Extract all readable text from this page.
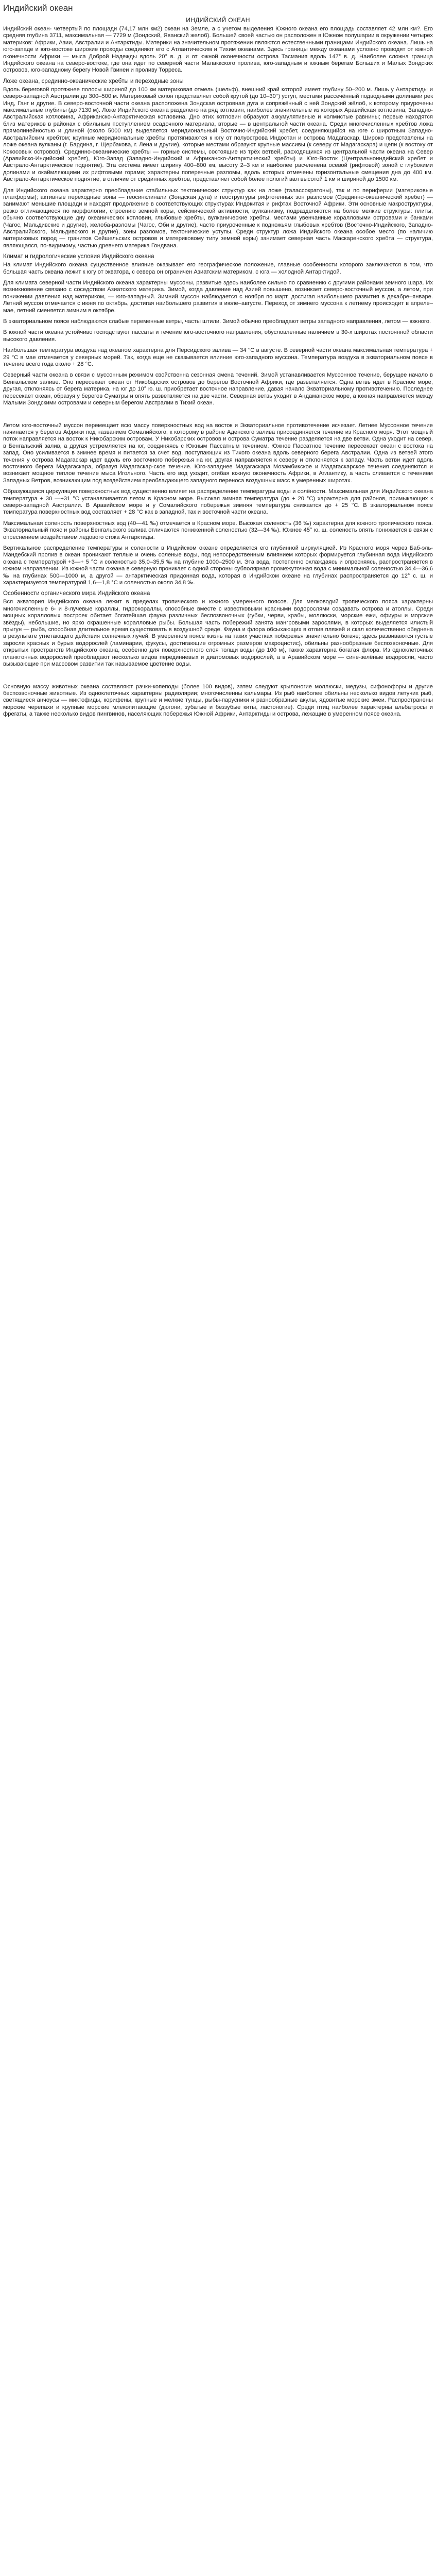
Индийский океан
ИНДИЙСКИЙ ОКЕАН

Индийский океан- четвертый по площади (74,17 млн км2) океан на Земле, а с учетом выделения Южного океана его площадь составляет 42 млн км?. Его средняя глубина 3711, максимальная — 7729 м (Зондский, Яванский желоб). Большей своей частью он расположен в Южном полушарии в окружении четырех материков: Африки, Азии, Австралии и Антарктиды. Материки на значительном протяжении являются естественными границами Индийского океана. Лишь на юго-западе и юго-востоке широкие проходы соединяют его с Атлантическим и Тихим океанами. Здесь границы между океанами условно проводят от южной оконечности Африки — мыса Доброй Надежды вдоль 20° в. д. и от южной оконечности острова Тасмания вдоль 147° в. д. Наиболее сложна граница Индийского океана на северо-востоке, где она идет по северной части Малаккского пролива, юго-западным и южным берегам Больших и Малых Зондских островов, юго-западному берегу Новой Гвинеи и проливу Торреса.

Ложе океана, срединно-океанические хребты и переходные зоны

Вдоль береговой протяжнее полосы шириной до 100 км материковая отмель (шельф), внешний край которой имеет глубину 50–200 м. Лишь у Антарктиды и северо-западной Австралии до 300–500 м. Материковый склон представляет собой крутой (до 10–30°) уступ, местами рассечённый подводными долинами рек Инд, Ганг и другие. В северо-восточной части океана расположена Зондская островная дуга и сопряжённый с ней Зондский жёлоб, к которому приурочены максимальные глубины (до 7130 м). Ложе Индийского океана разделено на ряд котловин, наиболее значительные из которых Аравийская котловина, Западно-Австралийская котловина, Африканско-Антарктическая котловина. Дно этих котловин образуют аккумулятивные и холмистые равнины; первые находятся близ материков в районах с обильным поступлением осадочного материала, вторые — в центральной части океана. Среди многочисленных хребтов ложа прямолинейностью и длиной (около 5000 км) выделяется меридиональный Восточно-Индийский хребет, соединяющийся на юге с широтным Западно-Австралийским хребтом; крупные меридиональные хребты протягиваются к югу от полуострова Индостан и острова Мадагаскар. Широко представлены на ложе океана вулканы (г. Бардина, г. Щербакова, г. Лена и другие), которые местами образуют крупные массивы (к северу от Мадагаскара) и цепи (к востоку от Кокосовых островов). Срединно-океанические хребты — горные системы, состоящие из трёх ветвей, расходящихся из центральной части океана на Север (Аравийско-Индийский хребет), Юго-Запад (Западно-Индийский и Африканско-Антарктический хребты) и Юго-Восток (Центральноиндийский хребет и Австрало-Антарктическое поднятие). Эта система имеет ширину 400–800 км, высоту 2–3 км и наиболее расчленена осевой (рифтовой) зоной с глубокими долинами и окаймляющими их рифтовыми горами; характерны поперечные разломы, вдоль которых отмечены горизонтальные смещения дна до 400 км. Австрало-Антарктическое поднятие, в отличие от срединных хребтов, представляет собой более пологий вал высотой 1 км и шириной до 1500 км.

Для Индийского океана характерно преобладание стабильных тектонических структур как на ложе (талассократоны), так и по периферии (материковые платформы); активные переходные зоны — геосинклинали (Зондская дуга) и геоструктуры рифтогенных зон разломов (Срединно-океанический хребет) — занимают меньшие площади и находят продолжение в соответствующих структурах Индокитая и рифтах Восточной Африки. Эти основные макроструктуры, резко отличающиеся по морфологии, строению земной коры, сейсмической активности, вулканизму, подразделяются на более мелкие структуры: плиты, обычно соответствующие дну океанических котловин, глыбовые хребты, вулканические хребты, местами увенчанные коралловыми островами и банками (Чагос, Мальдивские и другие), желоба-разломы (Чагос, Оби и другие), часто приуроченные к подножьям глыбовых хребтов (Восточно-Индийского, Западно-Австралийского, Мальдивского и другие), зоны разломов, тектонические уступы. Среди структур ложа Индийского океана особое место (по наличию материковых пород — гранитов Сейшельских островов и материковому типу земной коры) занимает северная часть Маскаренского хребта — структура, являющаяся, по-видимому, частью древнего материка Гондвана.

Климат и гидрологические условия Индийского океана

На климат Индийского океана существенное влияние оказывает его географическое положение, главные особенности которого заключаются в том, что большая часть океана лежит к югу от экватора, с севера он ограничен Азиатским материком, с юга — холодной Антарктидой.

Для климата северной части Индийского океана характерны муссоны, развитые здесь наиболее сильно по сравнению с другими районами земного шара. Их возникновение связано с соседством Азиатского материка. Зимой, когда давление над Азией повышено, возникает северо-восточный муссон, а летом, при понижении давления над материком, — юго-западный. Зимний муссон наблюдается с ноября по март, достигая наибольшего развития в декабре–январе. Летний муссон отмечается с июня по октябрь, достигая наибольшего развития в июле–августе. Переход от зимнего муссона к летнему происходит в апреле–мае, летний сменяется зимним в октябре.

В экваториальном поясе наблюдаются слабые переменные ветры, часты штили. Зимой обычно преобладают ветры западного направления, летом — южного.

В южной части океана устойчиво господствуют пассаты и течение юго-восточного направления, обусловленные наличием в 30-х широтах постоянной области высокого давления.

Наибольшая температура воздуха над океаном характерна для Персидского залива — 34 °С в августе. В северной части океана максимальная температура + 29 °С в мае отмечается у северных морей. Так, когда еще не сказывается влияние юго-западного муссона. Температура воздуха в экваториальном поясе в течение всего года около + 28 °С.

Северный части океана в связи с муссонным режимом свойственна сезонная смена течений. Зимой устанавливается Муссонное течение, берущее начало в Бенгальском заливе. Оно пересекает океан от Никобарских островов до берегов Восточной Африки, где разветвляется. Одна ветвь идет в Красное море, другая, отклоняясь от берега материка, на юг до 10° ю. ш. приобретает восточное направление, давая начало Экваториальному противотечению. Последнее пересекает океан, образуя у берегов Суматры и опять разветвляется на две части. Северная ветвь уходит в Андаманское море, а южная направляется между Малыми Зондскими островами и северным берегом Австралии в Тихий океан.

Летом юго-восточный муссон перемещает всю массу поверхностных вод на восток и Экваториальное противотечение исчезает. Летнее Муссонное течение начинается у берегов Африки под названием Сомалийского, к которому в районе Аденского залива присоединяется течение из Красного моря. Этот мощный поток направляется на восток к Никобарским островам. У Никобарских островов и острова Суматра течение разделяется на две ветви. Одна уходит на север, в Бенгальский залив, а другая устремляется на юг, соединяясь с Южным Пассатным течением. Южное Пассатное течение пересекает океан с востока на запад. Оно усиливается в зимнее время и питается за счет вод, поступающих из Тихого океана вдоль северного берега Австралии. Одна из ветвей этого течения у острова Мадагаскар идет вдоль его восточного побережья на юг, другая направляется к северу и отклоняется к западу. Часть ветви идет вдоль восточного берега Мадагаскара, образуя Мадагаскар-ское течение. Юго-западнее Мадагаскара Мозамбикское и Мадагаскарское течения соединяются и возникает мощное теплое течение мыса Игольного. Часть его вод уходит, огибая южную оконечность Африки, в Атлантику, а часть сливается с течением Западных Ветров, возникающим под воздействием преобладающего западного переноса воздушных масс в умеренных широтах.

Образующаяся циркуляция поверхностных вод существенно влияет на распределение температуры воды и солёности. Максимальная для Индийского океана температура + 30 —+31 °С устанавливается летом в Красном море. Высокая зимняя температура (до + 20 °С) характерна для районов, примыкающих к северо-западной Австралии. В Аравийском море и у Сомалийского побережья зимняя температура снижается до + 25 °С. В экваториальном поясе температура поверхностных вод составляет + 28 °С как в западной, так и восточной части океана.

Максимальная соленость поверхностных вод (40—41 ‰) отмечается в Красном море. Высокая соленость (36 ‰) характерна для южного тропического пояса. Экваториальный пояс и районы Бенгальского залива отличаются пониженной соленостью (32—34 ‰). Южнее 45° ю. ш. соленость опять понижается в связи с опреснением воздействием ледового стока Антарктиды.

Вертикальное распределение температуры и солености в Индийском океане определяется его глубинной циркуляцией. Из Красного моря через Баб-эль-Мандебский пролив в океан проникают теплые и очень соленые воды, под непосредственным влиянием которых формируется глубинная вода Индийского океана с температурой +3—+ 5 °С и соленостью 35,0–35,5 ‰ на глубине 1000–2500 м. Эта вода, постепенно охлаждаясь и опресняясь, распространяется в южном направлении. Из южной части океана в северную проникает с одной стороны субполярная промежуточная вода с минимальной соленостью 34,4—36,6 ‰ на глубинах 500—1000 м, а другой — антарктическая придонная вода, которая в Индийском океане на глубинах распространяется до 12° с. ш. и характеризуется температурой 1,6—1,8 °С и соленостью около 34,8 ‰.

Особенности органического мира Индийского океана

Вся акватория Индийского океана лежит в пределах тропического и южного умеренного поясов. Для мелководий тропического пояса характерны многочисленные 6- и 8-лучевые кораллы, гидрокораллы, способные вместе с известковыми красными водорослями создавать острова и атоллы. Среди мощных коралловых построек обитает богатейшая фауна различных беспозвоночных (губки, черви, крабы, моллюски, морские ежи, офиуры и морские звёзды), небольшие, но ярко окрашенные коралловые рыбы. Большая часть побережий занята мангровыми зарослями, в которых выделяется илистый прыгун — рыба, способная длительное время существовать в воздушной среде. Фауна и флора обсыхающих в отлив пляжей и скал количественно обеднена в результате угнетающего действия солнечных лучей. В умеренном поясе жизнь на таких участках побережья значительно богаче; здесь развиваются густые заросли красных и бурых водорослей (ламинарии, фукусы, достигающие огромных размеров макроцистис), обильны разнообразные беспозвоночные. Для открытых пространств Индийского океана, особенно для поверхностного слоя толщи воды (до 100 м), также характерна богатая флора. Из одноклеточных планктонных водорослей преобладают несколько видов перединиевых и диатомовых водорослей, а в Аравийском море — сине-зелёные водоросли, часто вызывающие при массовом развитии так называемое цветение воды.

Основную массу животных океана составляют рачки-копеподы (более 100 видов), затем следуют крылоногие моллюски, медузы, сифонофоры и другие беспозвоночные животные. Из одноклеточных характерны радиолярии; многочисленны кальмары. Из рыб наиболее обильны несколько видов летучих рыб, светящиеся анчоусы — миктофиды, корифены, крупные и мелкие тунцы, рыбы-парусники и разнообразные акулы, ядовитые морские змеи. Распространены морские черепахи и крупные морские млекопитающие (дюгони, зубатые и беззубые киты, ластоногие). Среди птиц наиболее характерны альбатросы и фрегаты, а также несколько видов пингвинов, населяющих побережья Южной Африки, Антарктиды и острова, лежащие в умеренном поясе океана.
